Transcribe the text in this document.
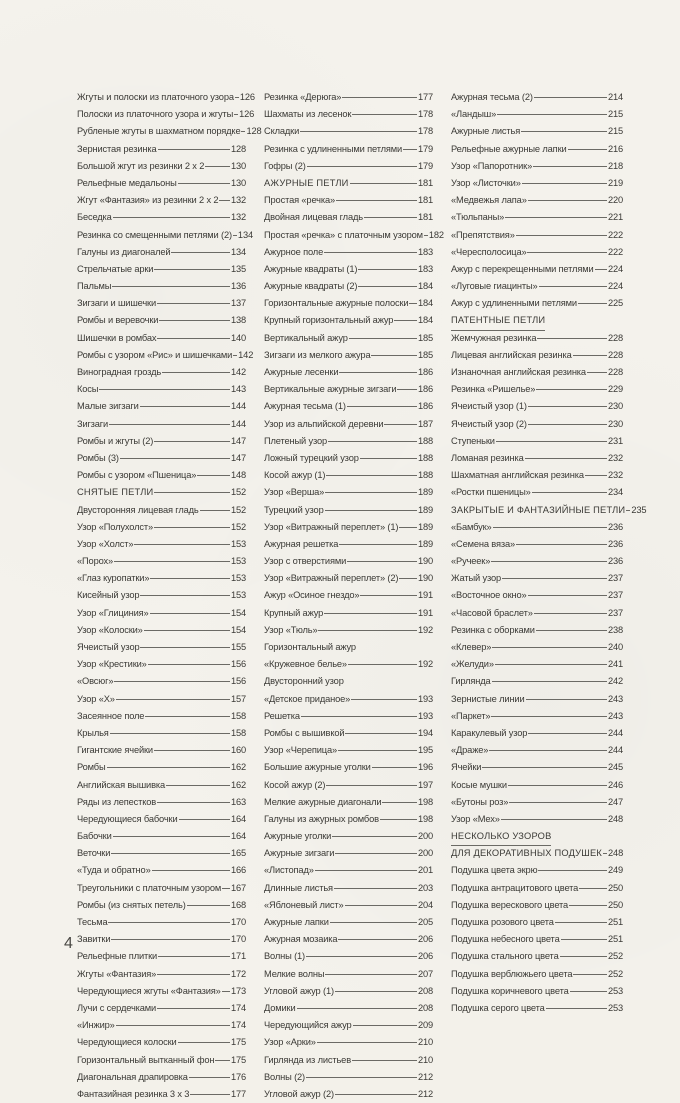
Жгуты и полоски из платочного узора 126
Полоски из платочного узора и жгуты 126
Рубленые жгуты в шахматном порядке 128
Зернистая резинка	128
Большой жгут из резинки 2 х 2	130
Рельефные медальоны	130
Жгут «Фантазия» из резинки 2 х 2 132
Беседка	132
Резинка со смещенными петлями (2) 134
Галуны из диагоналей	134
Стрельчатые арки	135
Пальмы	136
Зигзаги и шишечки	137
Ромбы и веревочки	138
Шишечки в ромбах	140
Ромбы с узором «Рис» и шишечками 142
Виноградная гроздь	142
Косы	143
Малые зигзаги	144
Зигзаги	144
Ромбы и жгуты (2)	147
Ромбы (3)	147
Ромбы с узором «Пшеница»	148
СНЯТЫЕ ПЕТЛИ	152
Двусторонняя лицевая гладь	152
Узор «Полухолст»	152
Узор «Холст»	153
«Порох»	153
«Глаз куропатки»	153
Кисейный узор	153
Узор «Глициния»	154
Узор «Колоски»	154
Ячеистый узор	155
Узор «Крестики»	156
«Овсюг»	156
Узор «Х»	157
Засеянное поле	158
Крылья	158
Гигантские ячейки	160
Ромбы	162
Английская вышивка	162
Ряды из лепестков	163
Чередующиеся бабочки	164
Бабочки	164
Веточки	165
«Туда и обратно»	166
Треугольники с платочным узором 167
Ромбы (из снятых петель)	168
Тесьма	170
Завитки	170
Рельефные плитки	171
Жгуты «Фантазия»	172
Чередующиеся жгуты «Фантазия» 173
Лучи с сердечками	174
«Инжир»	174
Чередующиеся колоски	175
Горизонтальный вытканный фон 175
Диагональная драпировка	176
Фантазийная резинка 3 х 3	177
Резинка «Дерюга»	177
Шахматы из лесенок	178
Складки	178
Резинка с удлиненными петлями 179
Гофры (2)	179
АЖУРНЫЕ ПЕТЛИ	181
Простая «речка»	181
Двойная лицевая гладь	181
Простая «речка» с платочным узором 182
Ажурное поле	183
Ажурные квадраты (1)	183
Ажурные квадраты (2)	184
Горизонтальные ажурные полоски 184
Крупный горизонтальный ажур	184
Вертикальный ажур	185
Зигзаги из мелкого ажура	185
Ажурные лесенки	186
Вертикальные ажурные зигзаги 186
Ажурная тесьма (1)	186
Узор из альпийской деревни	187
Плетеный узор	188
Ложный турецкий узор	188
Косой ажур (1)	188
Узор «Верша»	189
Турецкий узор	189
Узор «Витражный переплет» (1) 189
Ажурная решетка	189
Узор с отверстиями	190
Узор «Витражный переплет» (2) 190
Ажур «Осиное гнездо»	191
Крупный ажур	191
Узор «Тюль»	192
Горизонтальный ажур
«Кружевное белье»	192
Двусторонний узор
«Детское приданое»	193
Решетка	193
Ромбы с вышивкой	194
Узор «Черепица»	195
Большие ажурные уголки	196
Косой ажур (2)	197
Мелкие ажурные диагонали	198
Галуны из ажурных ромбов	198
Ажурные уголки	200
Ажурные зигзаги	200
«Листопад»	201
Длинные листья	203
«Яблоневый лист»	204
Ажурные лапки	205
Ажурная мозаика	206
Волны (1)	206
Мелкие волны	207
Угловой ажур (1)	208
Домики	208
Чередующийся ажур	209
Узор «Арки»	210
Гирлянда из листьев	210
Волны (2)	212
Угловой ажур (2)	212
Ажурная тесьма (2)	214
«Ландыш»	215
Ажурные листья	215
Рельефные ажурные лапки	216
Узор «Папоротник»	218
Узор «Листочки»	219
«Медвежья лапа»	220
«Тюльпаны»	221
«Препятствия»	222
«Чересполосица»	222
Ажур с перекрещенными петлями 224
«Луговые гиацинты»	224
Ажур с удлиненными петлями	225
ПАТЕНТНЫЕ ПЕТЛИ
Жемчужная резинка	228
Лицевая английская резинка	228
Изнаночная английская резинка 228
Резинка «Ришелье»	229
Ячеистый узор (1)	230
Ячеистый узор (2)	230
Ступеньки	231
Ломаная резинка	232
Шахматная английская резинка	232
«Ростки пшеницы»	234
ЗАКРЫТЫЕ И ФАНТАЗИЙНЫЕ ПЕТЛИ 235
«Бамбук»	236
«Семена вяза»	236
«Ручеек»	236
Жатый узор	237
«Восточное окно»	237
«Часовой браслет»	237
Резинка с оборками	238
«Клевер»	240
«Желуди»	241
Гирлянда	242
Зернистые линии	243
«Паркет»	243
Каракулевый узор	244
«Драже»	244
Ячейки	245
Косые мушки	246
«Бутоны роз»	247
Узор «Мех»	248
НЕСКОЛЬКО УЗОРОВ
ДЛЯ ДЕКОРАТИВНЫХ ПОДУШЕК 248
Подушка цвета экрю	249
Подушка антрацитового цвета	250
Подушка верескового цвета	250
Подушка розового цвета	251
Подушка небесного цвета	251
Подушка стального цвета	252
Подушка верблюжьего цвета	252
Подушка коричневого цвета	253
Подушка серого цвета	253
4
